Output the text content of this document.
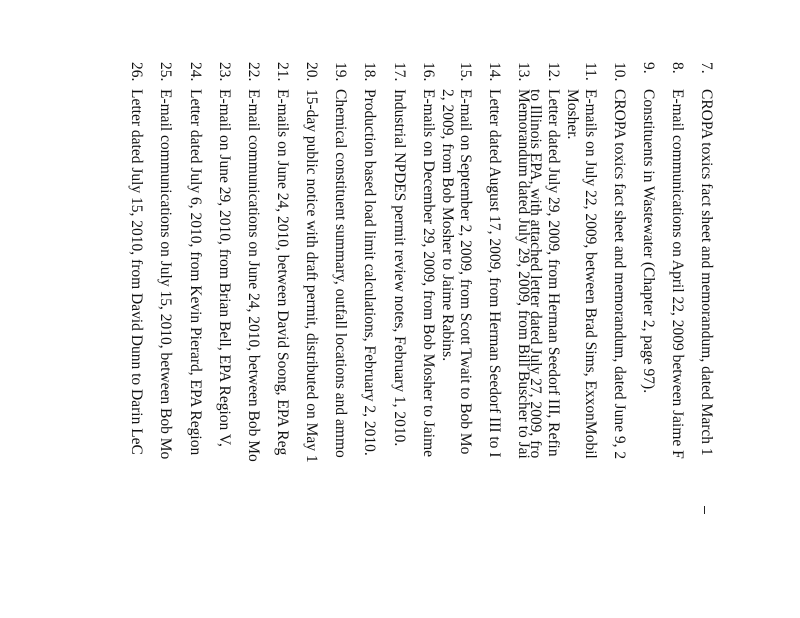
7.
CROPA toxics fact sheet and memorandum, dated March 1
8.
E-mail communications on April 22, 2009 between Jaime F
9.
Constituents in Wastewater (Chapter 2, page 97).
10.
CROPA toxics fact sheet and memorandum, dated June 9, 2
11.
E-mails on July 22, 2009, between Brad Sims, ExxonMobil
Mosher.
12.
Letter dated July 29, 2009, from Herman Seedorf III, Refin
to Illinois EPA, with attached letter dated July 27, 2009, fro
13.
Memorandum dated July 29, 2009, from Bill Buscher to Jai
14.
Letter dated August 17, 2009, from Herman Seedorf III to I
15.
E-mail on September 2, 2009, from Scott Twait to Bob Mo
2, 2009, from Bob Mosher to Jaime Rabins.
16.
E-mails on December 29, 2009, from Bob Mosher to Jaime
17.
Industrial NPDES permit review notes, February 1, 2010.
18.
Production based load limit calculations, February 2, 2010.
19.
Chemical constituent summary, outfall locations and ammo
20.
15-day public notice with draft permit, distributed on May 1
21.
E-mails on June 24, 2010, between David Soong, EPA Reg
22.
E-mail communications on June 24, 2010, between Bob Mo
23.
E-mail on June 29, 2010, from Brian Bell, EPA Region V,
24.
Letter dated July 6, 2010, from Kevin Pierard, EPA Region
25.
E-mail communications on July 15, 2010, between Bob Mo
26.
Letter dated July 15, 2010, from David Dunn to Darin LeC
